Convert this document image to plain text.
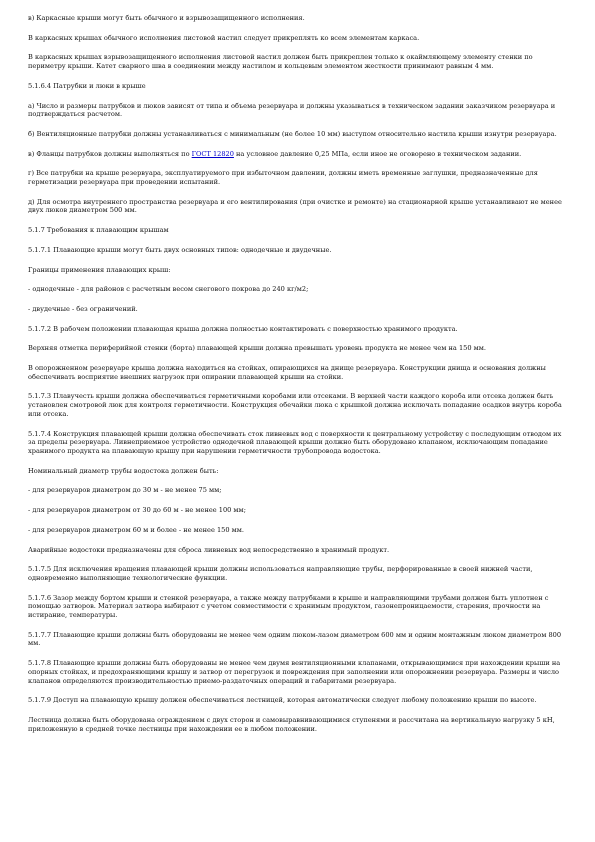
в) Каркасные крыши могут быть обычного и взрывозащищенного исполнения.

В каркасных крышах обычного исполнения листовой настил следует прикреплять ко всем элементам каркаса.

В каркасных крышах взрывозащищенного исполнения листовой настил должен быть прикреплен только к окаймляющему элементу стенки по периметру крыши. Катет сварного шва в соединении между настилом и кольцевым элементом жесткости принимают равным 4 мм.

5.1.6.4 Патрубки и люки в крыше

а) Число и размеры патрубков и люков зависят от типа и объема резервуара и должны указываться в техническом задании заказчиком резервуара и подтверждаться расчетом.

б) Вентиляционные патрубки должны устанавливаться с минимальным (не более 10 мм) выступом относительно настила крыши изнутри резервуара.

в) Фланцы патрубков должны выполняться по ГОСТ 12820 на условное давление 0,25 МПа, если иное не оговорено в техническом задании.

г) Все патрубки на крыше резервуара, эксплуатируемого при избыточном давлении, должны иметь временные заглушки, предназначенные для герметизации резервуара при проведении испытаний.

д) Для осмотра внутреннего пространства резервуара и его вентилирования (при очистке и ремонте) на стационарной крыше устанавливают не менее двух люков диаметром 500 мм.

5.1.7 Требования к плавающим крышам

5.1.7.1 Плавающие крыши могут быть двух основных типов: однодечные и двудечные.

Границы применения плавающих крыш:

- однодечные - для районов с расчетным весом снегового покрова до 240 кг/м2;

- двудечные - без ограничений.

5.1.7.2 В рабочем положении плавающая крыша должна полностью контактировать с поверхностью хранимого продукта.

Верхняя отметка периферийной стенки (борта) плавающей крыши должна превышать уровень продукта не менее чем на 150 мм.

В опорожненном резервуаре крыша должна находиться на стойках, опирающихся на днище резервуара. Конструкции днища и основания должны обеспечивать восприятие внешних нагрузок при опирании плавающей крыши на стойки.

5.1.7.3 Плавучесть крыши должна обеспечиваться герметичными коробами или отсеками. В верхней части каждого короба или отсека должен быть установлен смотровой люк для контроля герметичности. Конструкция обечайки люка с крышкой должна исключать попадание осадков внутрь короба или отсека.

5.1.7.4 Конструкция плавающей крыши должна обеспечивать сток ливневых вод с поверхности к центральному устройству с последующим отводом их за пределы резервуара. Ливнеприемное устройство однодечной плавающей крыши должно быть оборудовано клапаном, исключающим попадание хранимого продукта на плавающую крышу при нарушении герметичности трубопровода водостока.

Номинальный диаметр трубы водостока должен быть:

- для резервуаров диаметром до 30 м - не менее 75 мм;

- для резервуаров диаметром от 30 до 60 м - не менее 100 мм;

- для резервуаров диаметром 60 м и более - не менее 150 мм.

Аварийные водостоки предназначены для сброса ливневых вод непосредственно в хранимый продукт.

5.1.7.5 Для исключения вращения плавающей крыши должны использоваться направляющие трубы, перфорированные в своей нижней части, одновременно выполняющие технологические функции.

5.1.7.6 Зазор между бортом крыши и стенкой резервуара, а также между патрубками в крыше и направляющими трубами должен быть уплотнен с помощью затворов. Материал затвора выбирают с учетом совместимости с хранимым продуктом, газонепроницаемости, старения, прочности на истирание, температуры.

5.1.7.7 Плавающие крыши должны быть оборудованы не менее чем одним люком-лазом диаметром 600 мм и одним монтажным люком диаметром 800 мм.

5.1.7.8 Плавающие крыши должны быть оборудованы не менее чем двумя вентиляционными клапанами, открывающимися при нахождении крыши на опорных стойках, и предохраняющими крышу и затвор от перегрузок и повреждения при заполнении или опорожнении резервуара. Размеры и число клапанов определяются производительностью приемо-раздаточных операций и габаритами резервуара.

5.1.7.9 Доступ на плавающую крышу должен обеспечиваться лестницей, которая автоматически следует любому положению крыши по высоте.

Лестница должна быть оборудована ограждением с двух сторон и самовыравнивающимися ступенями и рассчитана на вертикальную нагрузку 5 кН, приложенную в средней точке лестницы при нахождении ее в любом положении.
